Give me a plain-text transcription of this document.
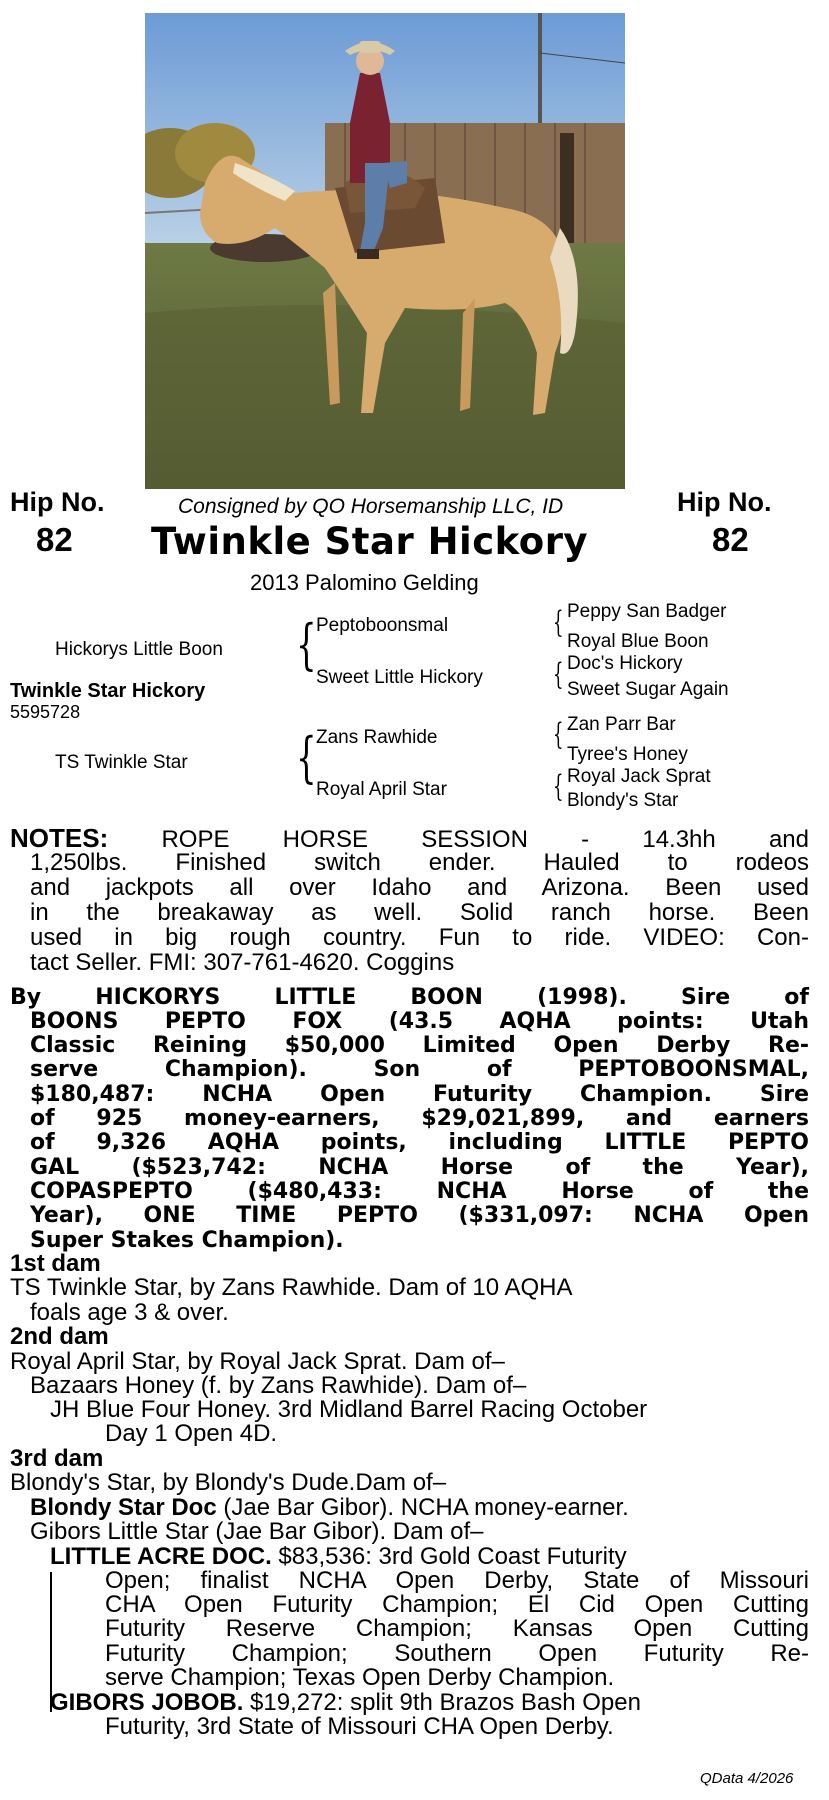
Hip No.
82
Hip No.
82
Consigned by QO Horsemanship LLC, ID
Twinkle Star Hickory
2013 Palomino Gelding
Hickorys Little Boon
Twinkle Star Hickory
5595728
TS Twinkle Star
{
{
Peptoboonsmal
Sweet Little Hickory
Zans Rawhide
Royal April Star
{
{
{
{
Peppy San Badger
Royal Blue Boon
Doc's Hickory
Sweet Sugar Again
Zan Parr Bar
Tyree's Honey
Royal Jack Sprat
Blondy's Star
NOTES: ROPE HORSE SESSION - 14.3hh and
1,250lbs. Finished switch ender. Hauled to rodeos
and jackpots all over Idaho and Arizona. Been used
in the breakaway as well. Solid ranch horse. Been
used in big rough country. Fun to ride. VIDEO: Con-
tact Seller. FMI: 307-761-4620. Coggins
By HICKORYS LITTLE BOON (1998). Sire of
BOONS PEPTO FOX (43.5 AQHA points: Utah
Classic Reining $50,000 Limited Open Derby Re-
serve Champion). Son of PEPTOBOONSMAL,
$180,487: NCHA Open Futurity Champion. Sire
of 925 money-earners, $29,021,899, and earners
of 9,326 AQHA points, including LITTLE PEPTO
GAL ($523,742: NCHA Horse of the Year),
COPASPEPTO ($480,433: NCHA Horse of the
Year), ONE TIME PEPTO ($331,097: NCHA Open
Super Stakes Champion).
1st dam
TS Twinkle Star, by Zans Rawhide. Dam of 10 AQHA
foals age 3 & over.
2nd dam
Royal April Star, by Royal Jack Sprat. Dam of–
Bazaars Honey (f. by Zans Rawhide). Dam of–
JH Blue Four Honey. 3rd Midland Barrel Racing October
Day 1 Open 4D.
3rd dam
Blondy's Star, by Blondy's Dude.Dam of–
Blondy Star Doc (Jae Bar Gibor). NCHA money-earner.
Gibors Little Star (Jae Bar Gibor). Dam of–
LITTLE ACRE DOC. $83,536: 3rd Gold Coast Futurity
Open; finalist NCHA Open Derby, State of Missouri
CHA Open Futurity Champion; El Cid Open Cutting
Futurity Reserve Champion; Kansas Open Cutting
Futurity Champion; Southern Open Futurity Re-
serve Champion; Texas Open Derby Champion.
GIBORS JOBOB. $19,272: split 9th Brazos Bash Open
Futurity, 3rd State of Missouri CHA Open Derby.
QData 4/2026
